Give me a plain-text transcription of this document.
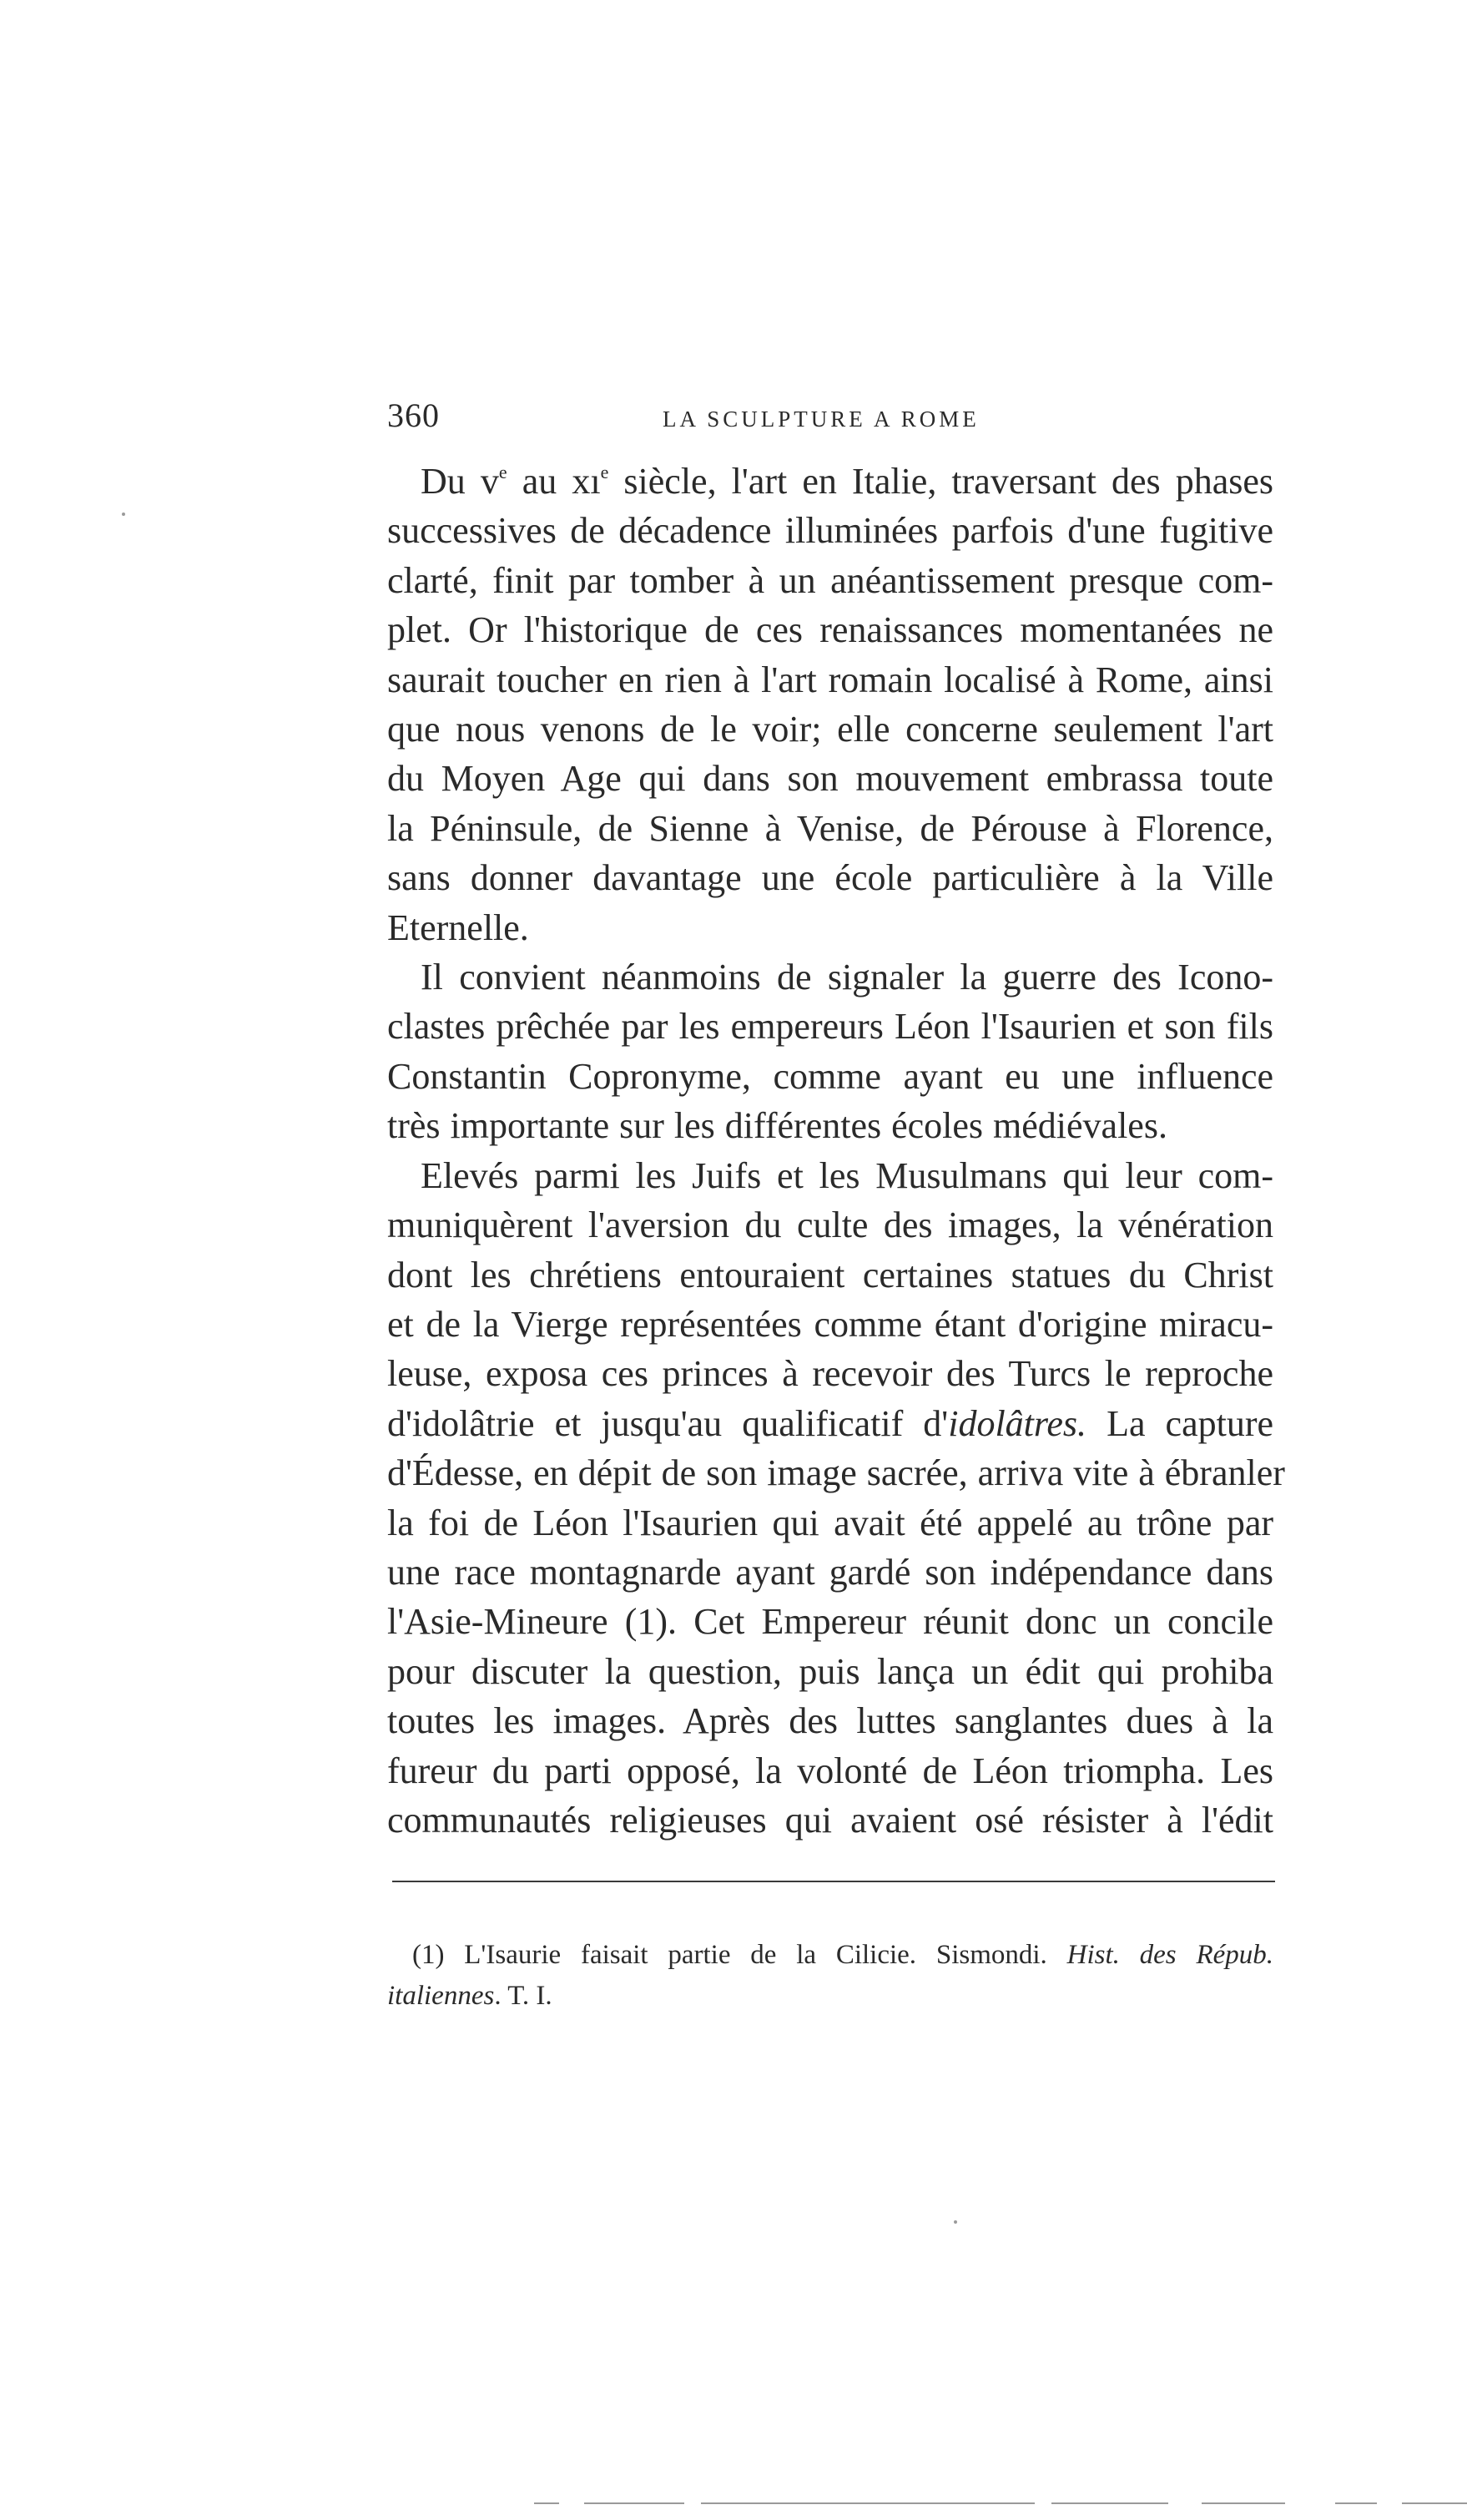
360	LA SCULPTURE A ROME

Du $v^e$ au $xı^e$ siècle, l'art en Italie, traversant des phases
successives de décadence illuminées parfois d'une fugitive
clarté, finit par tomber à un anéantissement presque com-
plet. Or l'historique de ces renaissances momentanées ne
saurait toucher en rien à l'art romain localisé à Rome, ainsi
que nous venons de le voir; elle concerne seulement l'art
du Moyen Age qui dans son mouvement embrassa toute
la Péninsule, de Sienne à Venise, de Pérouse à Florence,
sans donner davantage une école particulière à la Ville
Eternelle.

Il convient néanmoins de signaler la guerre des Icono-
clastes prêchée par les empereurs Léon l'Isaurien et son fils
Constantin Copronyme, comme ayant eu une influence
très importante sur les différentes écoles médiévales.

Elevés parmi les Juifs et les Musulmans qui leur com-
muniquèrent l'aversion du culte des images, la vénération
dont les chrétiens entouraient certaines statues du Christ
et de la Vierge représentées comme étant d'origine miracu-
leuse, exposa ces princes à recevoir des Turcs le reproche
d'idolâtrie et jusqu'au qualificatif d'idolâtres. La capture
d'Édesse, en dépit de son image sacrée, arriva vite à ébranler
la foi de Léon l'Isaurien qui avait été appelé au trône par
une race montagnarde ayant gardé son indépendance dans
l'Asie-Mineure (1). Cet Empereur réunit donc un concile
pour discuter la question, puis lança un édit qui prohiba
toutes les images. Après des luttes sanglantes dues à la
fureur du parti opposé, la volonté de Léon triompha. Les
communautés religieuses qui avaient osé résister à l'édit

(1) L'Isaurie faisait partie de la Cilicie. Sismondi. Hist. des Répub.
italiennes. T. I.
